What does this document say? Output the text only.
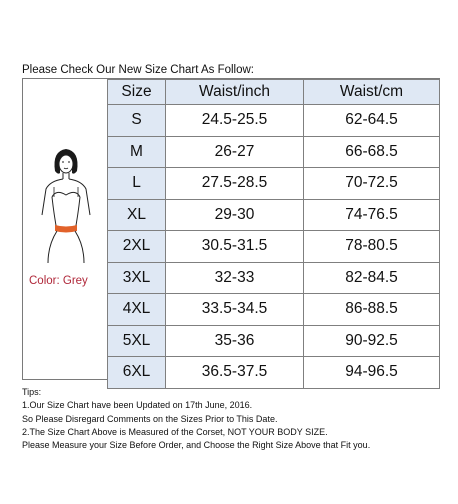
Please Check Our New Size Chart As Follow:
Color: Grey
Size	Waist/inch	Waist/cm
S	24.5-25.5	62-64.5
M	26-27	66-68.5
L	27.5-28.5	70-72.5
XL	29-30	74-76.5
2XL	30.5-31.5	78-80.5
3XL	32-33	82-84.5
4XL	33.5-34.5	86-88.5
5XL	35-36	90-92.5
6XL	36.5-37.5	94-96.5
Tips:
1.Our Size Chart have been Updated on 17th June, 2016.
So Please Disregard Comments on the Sizes Prior to This Date.
2.The Size Chart Above is Measured of the Corset, NOT YOUR BODY SIZE.
Please Measure your Size Before Order, and Choose the Right Size Above that Fit you.
